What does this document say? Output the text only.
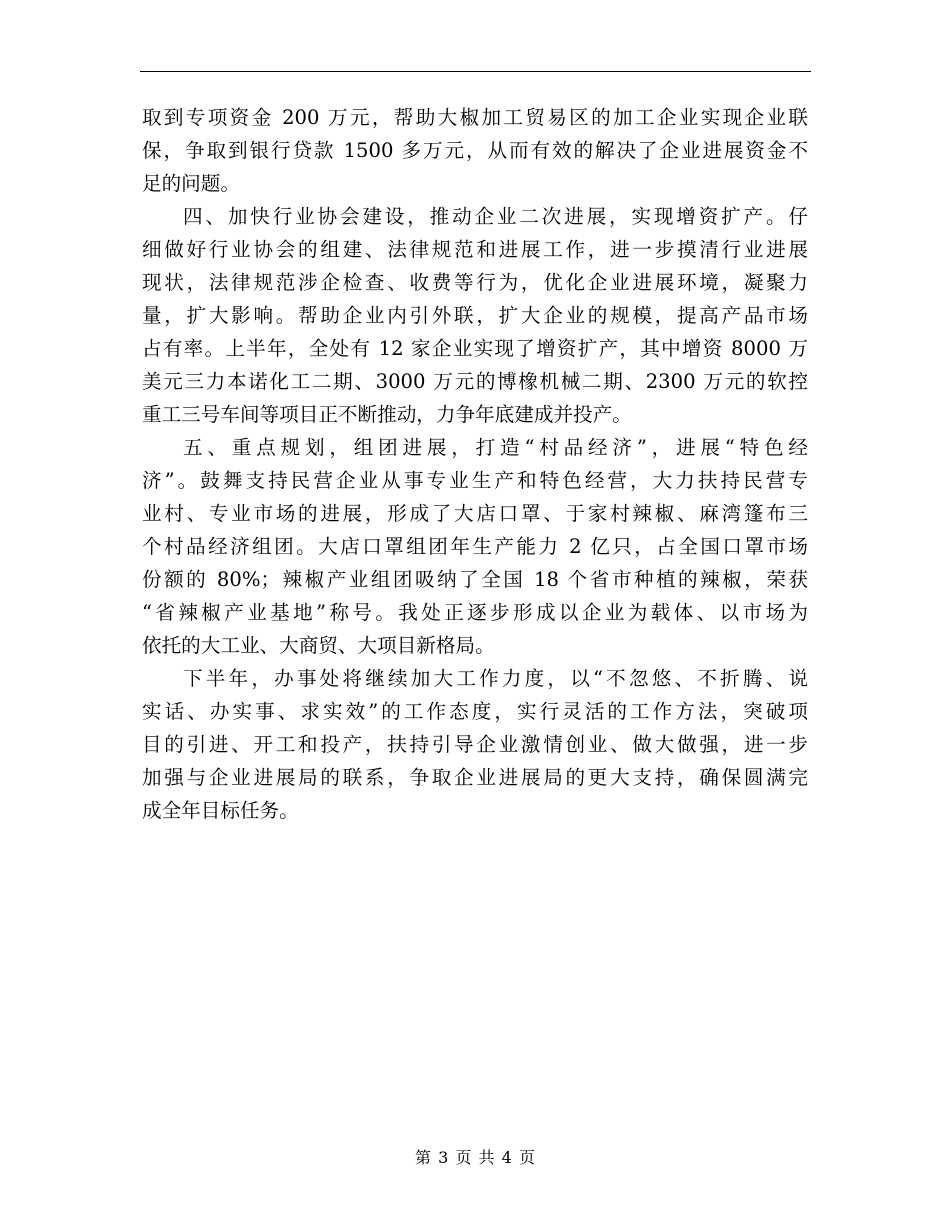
取到专项资金 200 万元，帮助大椒加工贸易区的加工企业实现企业联
保，争取到银行贷款 1500 多万元，从而有效的解决了企业进展资金不
足的问题。
四、加快行业协会建设，推动企业二次进展，实现增资扩产。仔
细做好行业协会的组建、法律规范和进展工作，进一步摸清行业进展
现状，法律规范涉企检查、收费等行为，优化企业进展环境，凝聚力
量，扩大影响。帮助企业内引外联，扩大企业的规模，提高产品市场
占有率。上半年，全处有 12 家企业实现了增资扩产，其中增资 8000 万
美元三力本诺化工二期、3000 万元的博橡机械二期、2300 万元的软控
重工三号车间等项目正不断推动，力争年底建成并投产。
五、重点规划，组团进展，打造“村品经济”，进展“特色经
济”。鼓舞支持民营企业从事专业生产和特色经营，大力扶持民营专
业村、专业市场的进展，形成了大店口罩、于家村辣椒、麻湾篷布三
个村品经济组团。大店口罩组团年生产能力 2 亿只，占全国口罩市场
份额的 80%；辣椒产业组团吸纳了全国 18 个省市种植的辣椒，荣获
“省辣椒产业基地”称号。我处正逐步形成以企业为载体、以市场为
依托的大工业、大商贸、大项目新格局。
下半年，办事处将继续加大工作力度，以“不忽悠、不折腾、说
实话、办实事、求实效”的工作态度，实行灵活的工作方法，突破项
目的引进、开工和投产，扶持引导企业激情创业、做大做强，进一步
加强与企业进展局的联系，争取企业进展局的更大支持，确保圆满完
成全年目标任务。
第 3 页 共 4 页
